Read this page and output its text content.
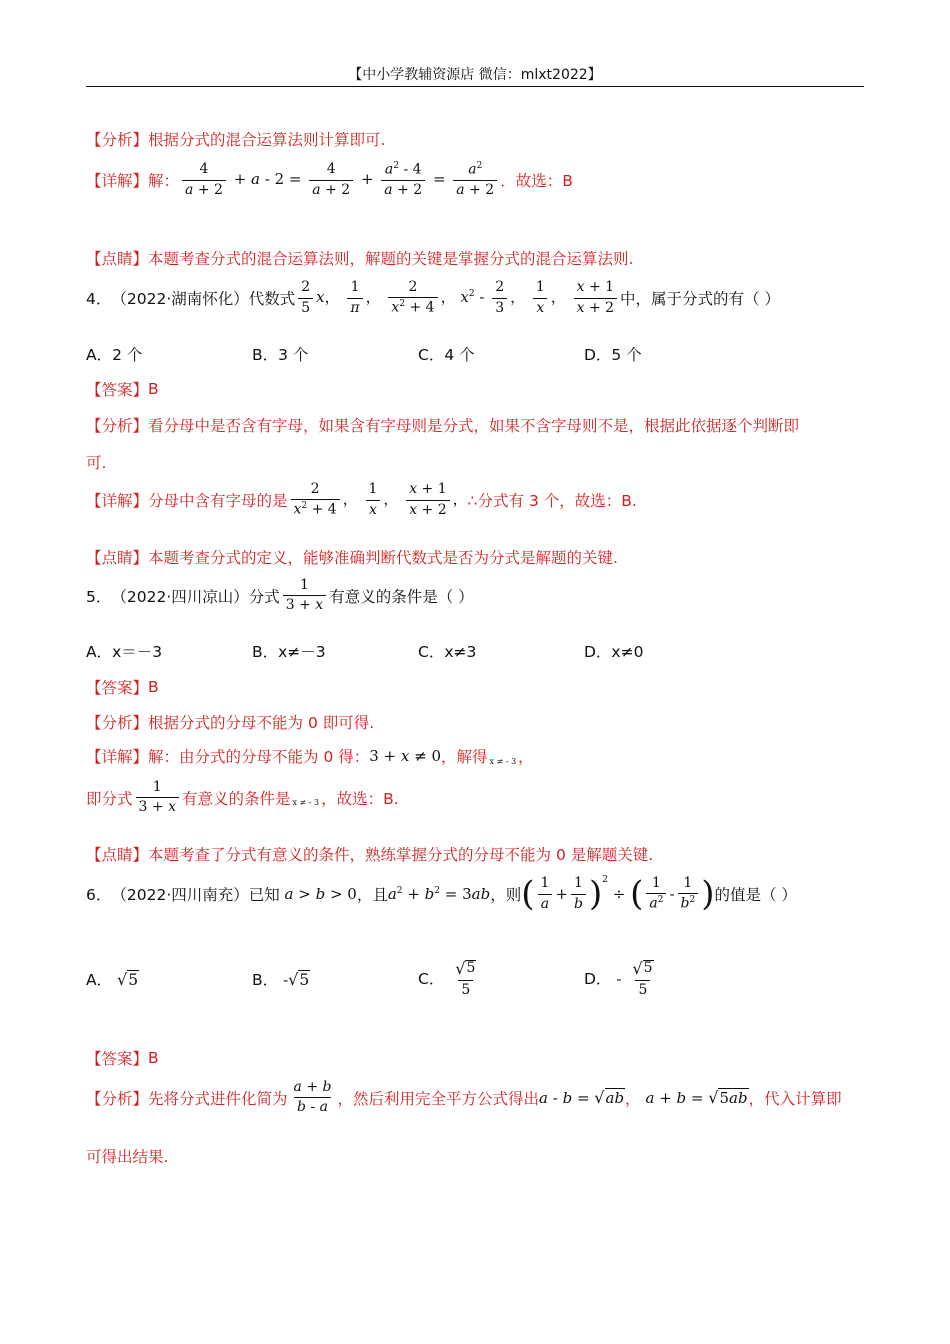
【中小学教辅资源店 微信：mlxt2022】
【分析】 根据分式的混合运算法则计算即可.
【详解】 解： $\frac{4}{a + 2} + a - 2 = \frac{4}{a + 2} + \frac{a^2 - 4}{a + 2} = \frac{a^2}{a + 2}$ ．故选：B
【点睛】 本题考查分式的混合运算法则，解题的关键是掌握分式的混合运算法则.
4． （2022·湖南怀化）代数式 $\frac{2}{5}$ x， $\frac{1}{\pi}$ ， $\frac{2}{x^2 + 4}$ ， $x^2 - \frac{2}{3}$ ， $\frac{1}{x}$ ， $\frac{x + 1}{x + 2}$ 中，属于分式的有（ ）
A．2 个	B．3 个	C．4 个	D．5 个
【答案】 B
【分析】 看分母中是否含有字母，如果含有字母则是分式，如果不含字母则不是，根据此依据逐个判断即
可.
【详解】 分母中含有字母的是 $\frac{2}{x^2 + 4}$ ， $\frac{1}{x}$ ， $\frac{x + 1}{x + 2}$ ， ∴分式有 3 个，故选：B.
【点睛】 本题考查分式的定义，能够准确判断代数式是否为分式是解题的关键.
5． （2022·四川凉山）分式 $\frac{1}{3 + x}$ 有意义的条件是（ ）
A．x＝－3	B．x≠－3	C．x≠3	D．x≠0
【答案】 B
【分析】 根据分式的分母不能为 0 即可得.
【详解】 解：由分式的分母不能为 0 得： 3 + x ≠ 0 ，解得 x ≠ - 3 ，
即分式 $\frac{1}{3 + x}$ 有意义的条件是 x ≠ - 3 ，故选：B.
【点睛】 本题考查了分式有意义的条件，熟练掌握分式的分母不能为 0 是解题关键.
6． （2022·四川南充）已知 a > b > 0 ，且 $a^2 + b^2 = 3ab$ ，则 ( $\frac{1}{a} + \frac{1}{b} )^2$
÷ ( $\frac{1}{a^2} - \frac{1}{b^2}$ ) 的值是（ ）
A． √ 5	B． - √ 5	C． $\frac{√ 5}{5}$	D． - $\frac{√ 5}{5}$
【答案】 B
【分析】 先将分式进件化简为 $\frac{a + b}{b - a}$ ，然后利用完全平方公式得出 a - b = √ ab ， a + b = √ 5ab ，代入计算即
可得出结果.
